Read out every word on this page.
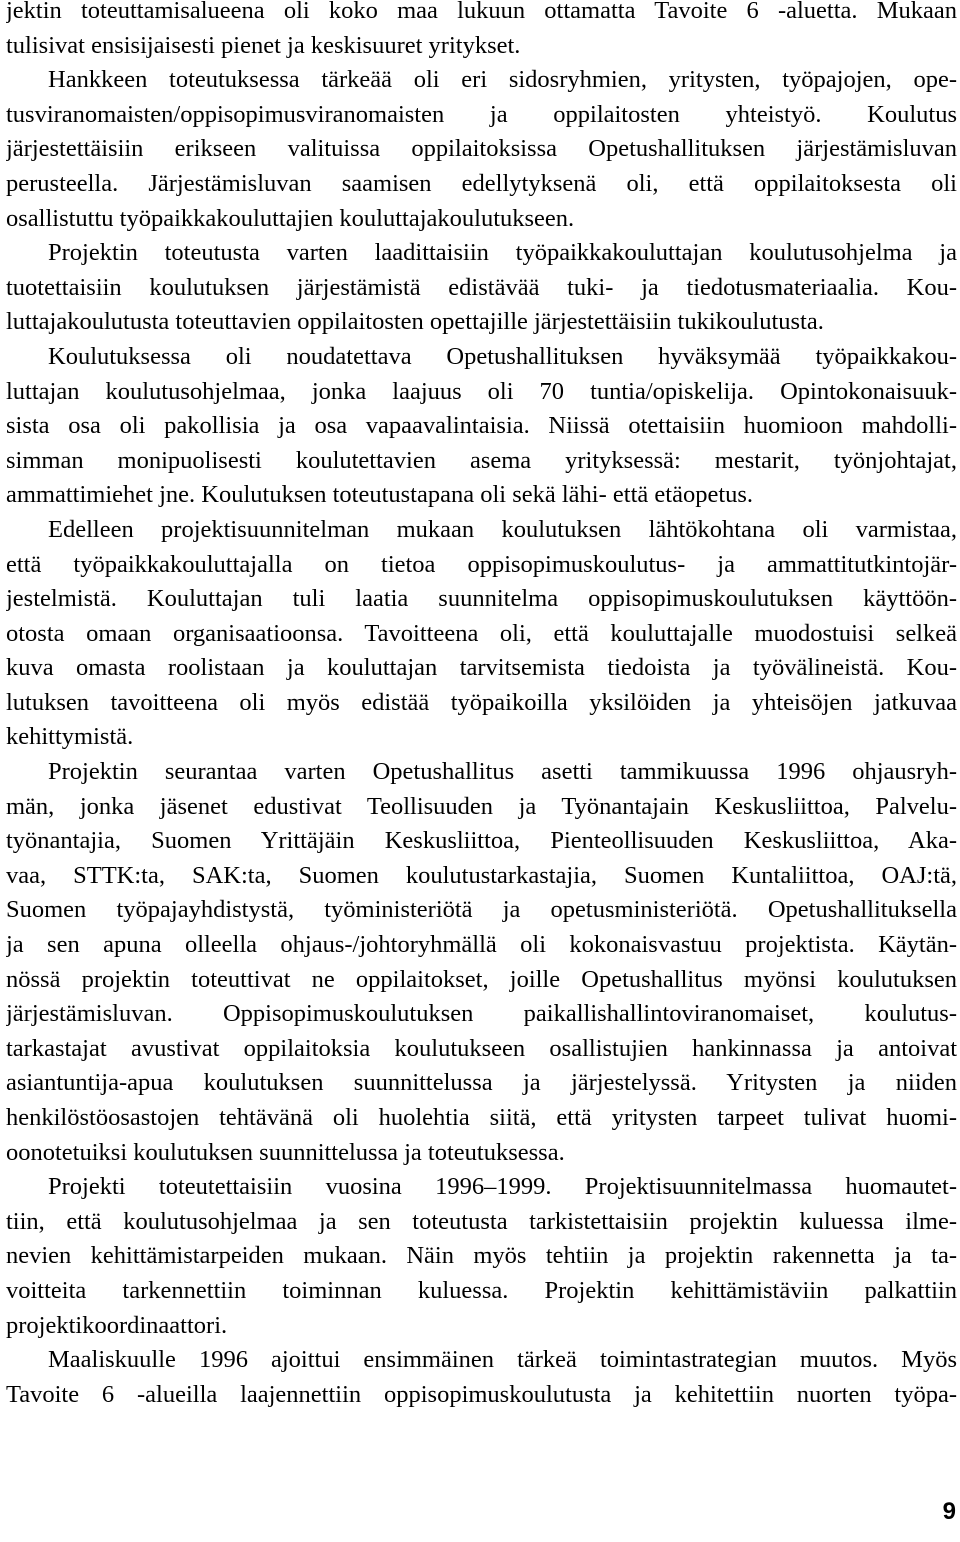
jektin toteuttamisalueena oli koko maa lukuun ottamatta Tavoite 6 -aluetta. Mukaan
tulisivat ensisijaisesti pienet ja keskisuuret yritykset.
Hankkeen toteutuksessa tärkeää oli eri sidosryhmien, yritysten, työpajojen, ope-
tusviranomaisten/oppisopimusviranomaisten ja oppilaitosten yhteistyö. Koulutus
järjestettäisiin erikseen valituissa oppilaitoksissa Opetushallituksen järjestämisluvan
perusteella. Järjestämisluvan saamisen edellytyksenä oli, että oppilaitoksesta oli
osallistuttu työpaikkakouluttajien kouluttajakoulutukseen.
Projektin toteutusta varten laadittaisiin työpaikkakouluttajan koulutusohjelma ja
tuotettaisiin koulutuksen järjestämistä edistävää tuki- ja tiedotusmateriaalia. Kou-
luttajakoulutusta toteuttavien oppilaitosten opettajille järjestettäisiin tukikoulutusta.
Koulutuksessa oli noudatettava Opetushallituksen hyväksymää työpaikkakou-
luttajan koulutusohjelmaa, jonka laajuus oli 70 tuntia/opiskelija. Opintokonaisuuk-
sista osa oli pakollisia ja osa vapaavalintaisia. Niissä otettaisiin huomioon mahdolli-
simman monipuolisesti koulutettavien asema yrityksessä: mestarit, työnjohtajat,
ammattimiehet jne. Koulutuksen toteutustapana oli sekä lähi- että etäopetus.
Edelleen projektisuunnitelman mukaan koulutuksen lähtökohtana oli varmistaa,
että työpaikkakouluttajalla on tietoa oppisopimuskoulutus- ja ammattitutkintojär-
jestelmistä. Kouluttajan tuli laatia suunnitelma oppisopimuskoulutuksen käyttöön-
otosta omaan organisaatioonsa. Tavoitteena oli, että kouluttajalle muodostuisi selkeä
kuva omasta roolistaan ja kouluttajan tarvitsemista tiedoista ja työvälineistä. Kou-
lutuksen tavoitteena oli myös edistää työpaikoilla yksilöiden ja yhteisöjen jatkuvaa
kehittymistä.
Projektin seurantaa varten Opetushallitus asetti tammikuussa 1996 ohjausryh-
män, jonka jäsenet edustivat Teollisuuden ja Työnantajain Keskusliittoa, Palvelu-
työnantajia, Suomen Yrittäjäin Keskusliittoa, Pienteollisuuden Keskusliittoa, Aka-
vaa, STTK:ta, SAK:ta, Suomen koulutustarkastajia, Suomen Kuntaliittoa, OAJ:tä,
Suomen työpajayhdistystä, työministeriötä ja opetusministeriötä. Opetushallituksella
ja sen apuna olleella ohjaus-/johtoryhmällä oli kokonaisvastuu projektista. Käytän-
nössä projektin toteuttivat ne oppilaitokset, joille Opetushallitus myönsi koulutuksen
järjestämisluvan. Oppisopimuskoulutuksen paikallishallintoviranomaiset, koulutus-
tarkastajat avustivat oppilaitoksia koulutukseen osallistujien hankinnassa ja antoivat
asiantuntija-apua koulutuksen suunnittelussa ja järjestelyssä. Yritysten ja niiden
henkilöstöosastojen tehtävänä oli huolehtia siitä, että yritysten tarpeet tulivat huomi-
oonotetuiksi koulutuksen suunnittelussa ja toteutuksessa.
Projekti toteutettaisiin vuosina 1996–1999. Projektisuunnitelmassa huomautet-
tiin, että koulutusohjelmaa ja sen toteutusta tarkistettaisiin projektin kuluessa ilme-
nevien kehittämistarpeiden mukaan. Näin myös tehtiin ja projektin rakennetta ja ta-
voitteita tarkennettiin toiminnan kuluessa. Projektin kehittämistäviin palkattiin
projektikoordinaattori.
Maaliskuulle 1996 ajoittui ensimmäinen tärkeä toimintastrategian muutos. Myös
Tavoite 6 -alueilla laajennettiin oppisopimuskoulutusta ja kehitettiin nuorten työpa-
9
